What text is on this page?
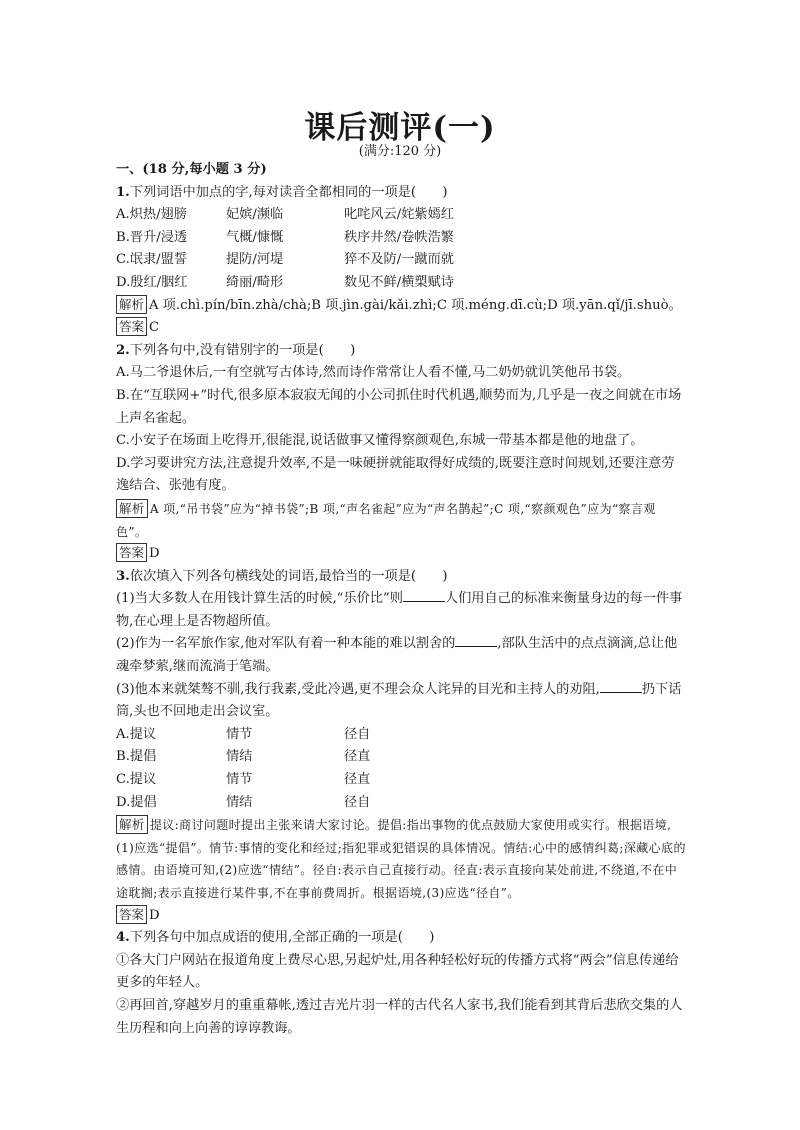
课后测评(一)
(满分:120 分)

一、(18 分,每小题 3 分)

1.下列词语中加点的字,每对读音全都相同的一项是(　　)

A.炽热/翅膀	妃嫔/濒临	叱咤风云/姹紫嫣红

B.晋升/浸透	气概/慷慨	秩序井然/卷帙浩繁

C.氓隶/盟誓	提防/河堤	猝不及防/一蹴而就

D.殷红/胭红	绮丽/畸形	数见不鲜/横槊赋诗

解析 A 项.chì.pín/bīn.zhà/chà;B 项.jìn.gài/kǎi.zhì;C 项.méng.dī.cù;D 项.yān.qǐ/jī.shuò。

答案 C

2.下列各句中,没有错别字的一项是(　　)

A.马二爷退休后,一有空就写古体诗,然而诗作常常让人看不懂,马二奶奶就讥笑他吊书袋。

B.在“互联网+”时代,很多原本寂寂无闻的小公司抓住时代机遇,顺势而为,几乎是一夜之间就在市场上声名雀起。

C.小安子在场面上吃得开,很能混,说话做事又懂得察颜观色,东城一带基本都是他的地盘了。

D.学习要讲究方法,注意提升效率,不是一味硬拼就能取得好成绩的,既要注意时间规划,还要注意劳逸结合、张弛有度。

解析 A 项,“吊书袋”应为“掉书袋”;B 项,“声名雀起”应为“声名鹊起”;C 项,“察颜观色”应为“察言观色”。

答案 D

3.依次填入下列各句横线处的词语,最恰当的一项是(　　)

(1)当大多数人在用钱计算生活的时候,“乐价比”则	人们用自己的标准来衡量身边的每一件事物,在心理上是否物超所值。

(2)作为一名军旅作家,他对军队有着一种本能的难以割舍的	,部队生活中的点点滴滴,总让他魂牵梦萦,继而流淌于笔端。

(3)他本来就桀骜不驯,我行我素,受此冷遇,更不理会众人诧异的目光和主持人的劝阻,	扔下话筒,头也不回地走出会议室。

A.提议	情节	径自

B.提倡	情结	径直

C.提议	情节	径直

D.提倡	情结	径自

解析 提议:商讨问题时提出主张来请大家讨论。提倡:指出事物的优点鼓励大家使用或实行。根据语境,(1)应选“提倡”。情节:事情的变化和经过;指犯罪或犯错误的具体情况。情结:心中的感情纠葛;深藏心底的感情。由语境可知,(2)应选“情结”。径自:表示自己直接行动。径直:表示直接向某处前进,不绕道,不在中途耽搁;表示直接进行某件事,不在事前费周折。根据语境,(3)应选“径自”。

答案 D

4.下列各句中加点成语的使用,全部正确的一项是(　　)

①各大门户网站在报道角度上费尽心思,另起炉灶,用各种轻松好玩的传播方式将“两会”信息传递给更多的年轻人。

②再回首,穿越岁月的重重幕帐,透过吉光片羽一样的古代名人家书,我们能看到其背后悲欣交集的人生历程和向上向善的谆谆教诲。
